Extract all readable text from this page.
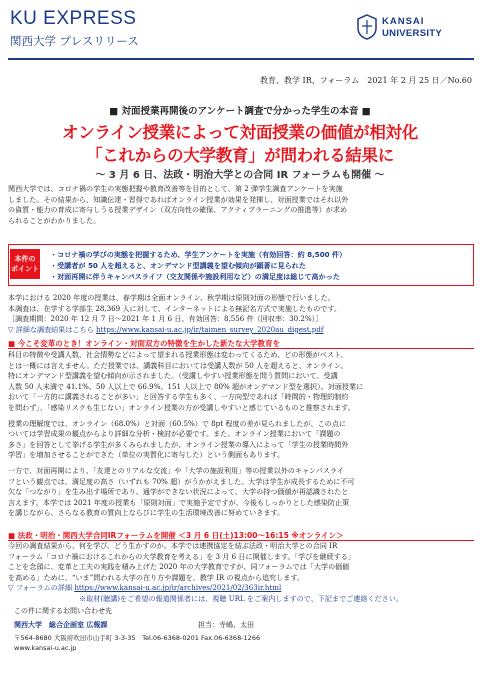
KU EXPRESS
関西大学 プレスリリース
KANSAI
UNIVERSITY
教育、教学 IR、フォーラム　2021 年 2 月 25 日／No.60
■ 対面授業再開後のアンケート調査で分かった学生の本音 ■
オンライン授業によって対面授業の価値が相対化
「これからの大学教育」が問われる結果に
～ 3 月 6 日、法政・明治大学との合同 IR フォーラムも開催 ～
関西大学では、コロナ禍の学生の実態把握や教育改善等を目的として、第 2 弾学生調査アンケートを実施
しました。その結果から、知識伝達・習得であればオンライン授業が効果を発揮し、対面授業ではそれ以外
の資質・能力の育成に寄与しうる授業デザイン（双方向性の確保、アクティブラーニングの推進等）が求め
られることがわかりました。
本件の
ポイント
・コロナ禍の学びの実態を把握するため、学生アンケートを実施（有効回答：約 8,500 件）
・受講者が 50 人を超えると、オンデマンド型講義を望む傾向が顕著に見られた
・対面再開に伴うキャンパスライフ（交友関係や施設利用など）の満足度は総じて高かった
本学における 2020 年度の授業は、春学期は全面オンライン、秋学期は原則対面の形態で行いました。
本調査は、在学する学部生 28,369 人に対して、インターネットによる無記名方式で実施したものです。
［調査期間：2020 年 12 月 7 日〜2021 年 1 月 6 日、有効回答：8,556 件（回収率：30.2%）］
▽ 詳細な調査結果はこちら https://www.kansai-u.ac.jp/ir/taimen_survey_2020au_digest.pdf
■ 今こそ変革のとき！オンライン・対面双方の特徴を生かした新たな大学教育を
科目の特徴や受講人数、社会情勢などによって望まれる授業形態は変わってくるため、どの形態がベスト、
とは一概には言えません。ただ授業では、講義科目においては受講人数が 50 人を超えると、オンライン、
特にオンデマンド型講義を望む傾向が示されました。（受講しやすい授業形態を問う質問において、受講
人数 50 人未満で 41.1%、50 人以上で 66.9%、151 人以上で 80% 超がオンデマンド型を選択）。対面授業に
おいて「一方的に講義されることが多い」と回答する学生も多く、一方向型であれば「時間的・物理的制約
を問わず」、「感染リスクも生じない」オンライン授業の方が受講しやすいと感じているものと推察されます。
授業の理解度では、オンライン（68.0%）と対面（60.5%）で 8pt 程度の差が見られましたが、この点に
ついては学習成果の観点からより詳細な分析・検討が必要です。また、オンライン授業において「課題の
多さ」を回答として挙げる学生が多くみられましたが、オンライン授業の導入によって「学生の授業時間外
学習」を増加させることができた（単位の実質化に寄与した）という側面もあります。
一方で、対面再開により、「友達とのリアルな交流」や「大学の施設利用」等の授業以外のキャンパスライ
フという観点では、満足度の高さ（いずれも 70% 超）がうかがえました。大学は学生が成長するために不可
欠な「つながり」を生み出す場所であり、通学ができない状況によって、大学の持つ価値が再認識されたと
言えます。本学では 2021 年度の授業も「原則対面」で実施予定ですが、今後もしっかりとした感染防止策
を講じながら、さらなる教育の質向上ならびに学生の生活環境改善に努めていきます。
■ 法政・明治・関西大学合同IRフォーラムを開催 ＜3 月 6 日(土)13:00〜16:15 ※オンライン＞
今回の調査結果から、何を学び、どう生かすのか。本学では連携協定を結ぶ法政・明治大学との合同 IR
フォーラム「コロナ禍におけるこれからの大学教育を考える」を 3 月 6 日に開催します。「学びを継続する」
ことを念頭に、変革と工夫の実践を積み上げた 2020 年の大学教育ですが、同フォーラムでは「大学の価値
を高める」ために、“いま”問われる大学の在り方や課題を、教学 IR の視点から追究します。
▽ フォーラムの詳細 https://www.kansai-u.ac.jp/ir/archives/2021/02/363ir.html
※取材(聴講)をご希望の報道関係者には、視聴 URL をご案内しますので、下記までご連絡ください。
この件に関するお問い合わせ先
関西大学　総合企画室 広報課	担当：寺嶋、太田
〒564-8680 大阪府吹田市山手町 3-3-35　Tel.06-6368-0201 Fax.06-6368-1266
www.kansai-u.ac.jp
